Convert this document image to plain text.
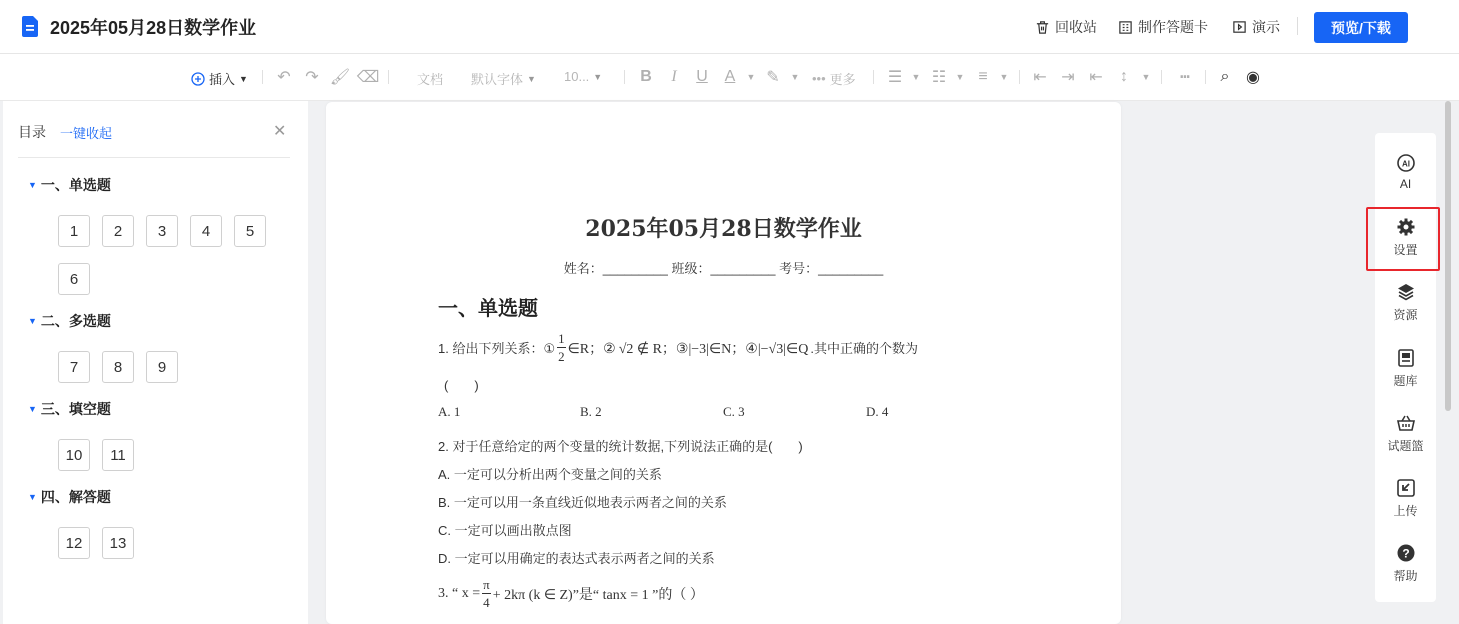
2025年05月28日数学作业	回收站	制作答题卡	演示	预览/下载
插入 ▼ ↶ ↷ 🖌︎ ⌫	文档 默认字体 ▼ 10... ▼ B	I	U A	▼ ✎	▼ ••• 更多 ☰	▼ ☷	▼ ≡	▼	⇤ ⇥ ⇤	↕	▼	┅	⌕	◉
目录 一键收起	✕
▼ 一、单选题
1	2	3	4	5
6
▼ 二、多选题
7	8	9
▼ 三、填空题
10	11
▼ 四、解答题
12	13
2025年05月28日数学作业
姓名：_________ 班级：_________ 考号：_________
一、单选题
1. 给出下列关系：① $\frac{1}{2}$ ∈R；② √2 ∉ R；③|−3|∈N；④|−√3|∈Q .其中正确的个数为
(　　)
A. 1	B. 2	C. 3	D. 4
2. 对于任意给定的两个变量的统计数据,下列说法正确的是(　　)
A. 一定可以分析出两个变量之间的关系
B. 一定可以用一条直线近似地表示两者之间的关系
C. 一定可以画出散点图
D. 一定可以用确定的表达式表示两者之间的关系
3. “ $x = \frac{\pi}{4} + 2k\pi$ (k ∈ Z)”是“ tanx = 1 ”的（ ）
AI
AI
设置
资源
题库
试题篮
上传
?
帮助
